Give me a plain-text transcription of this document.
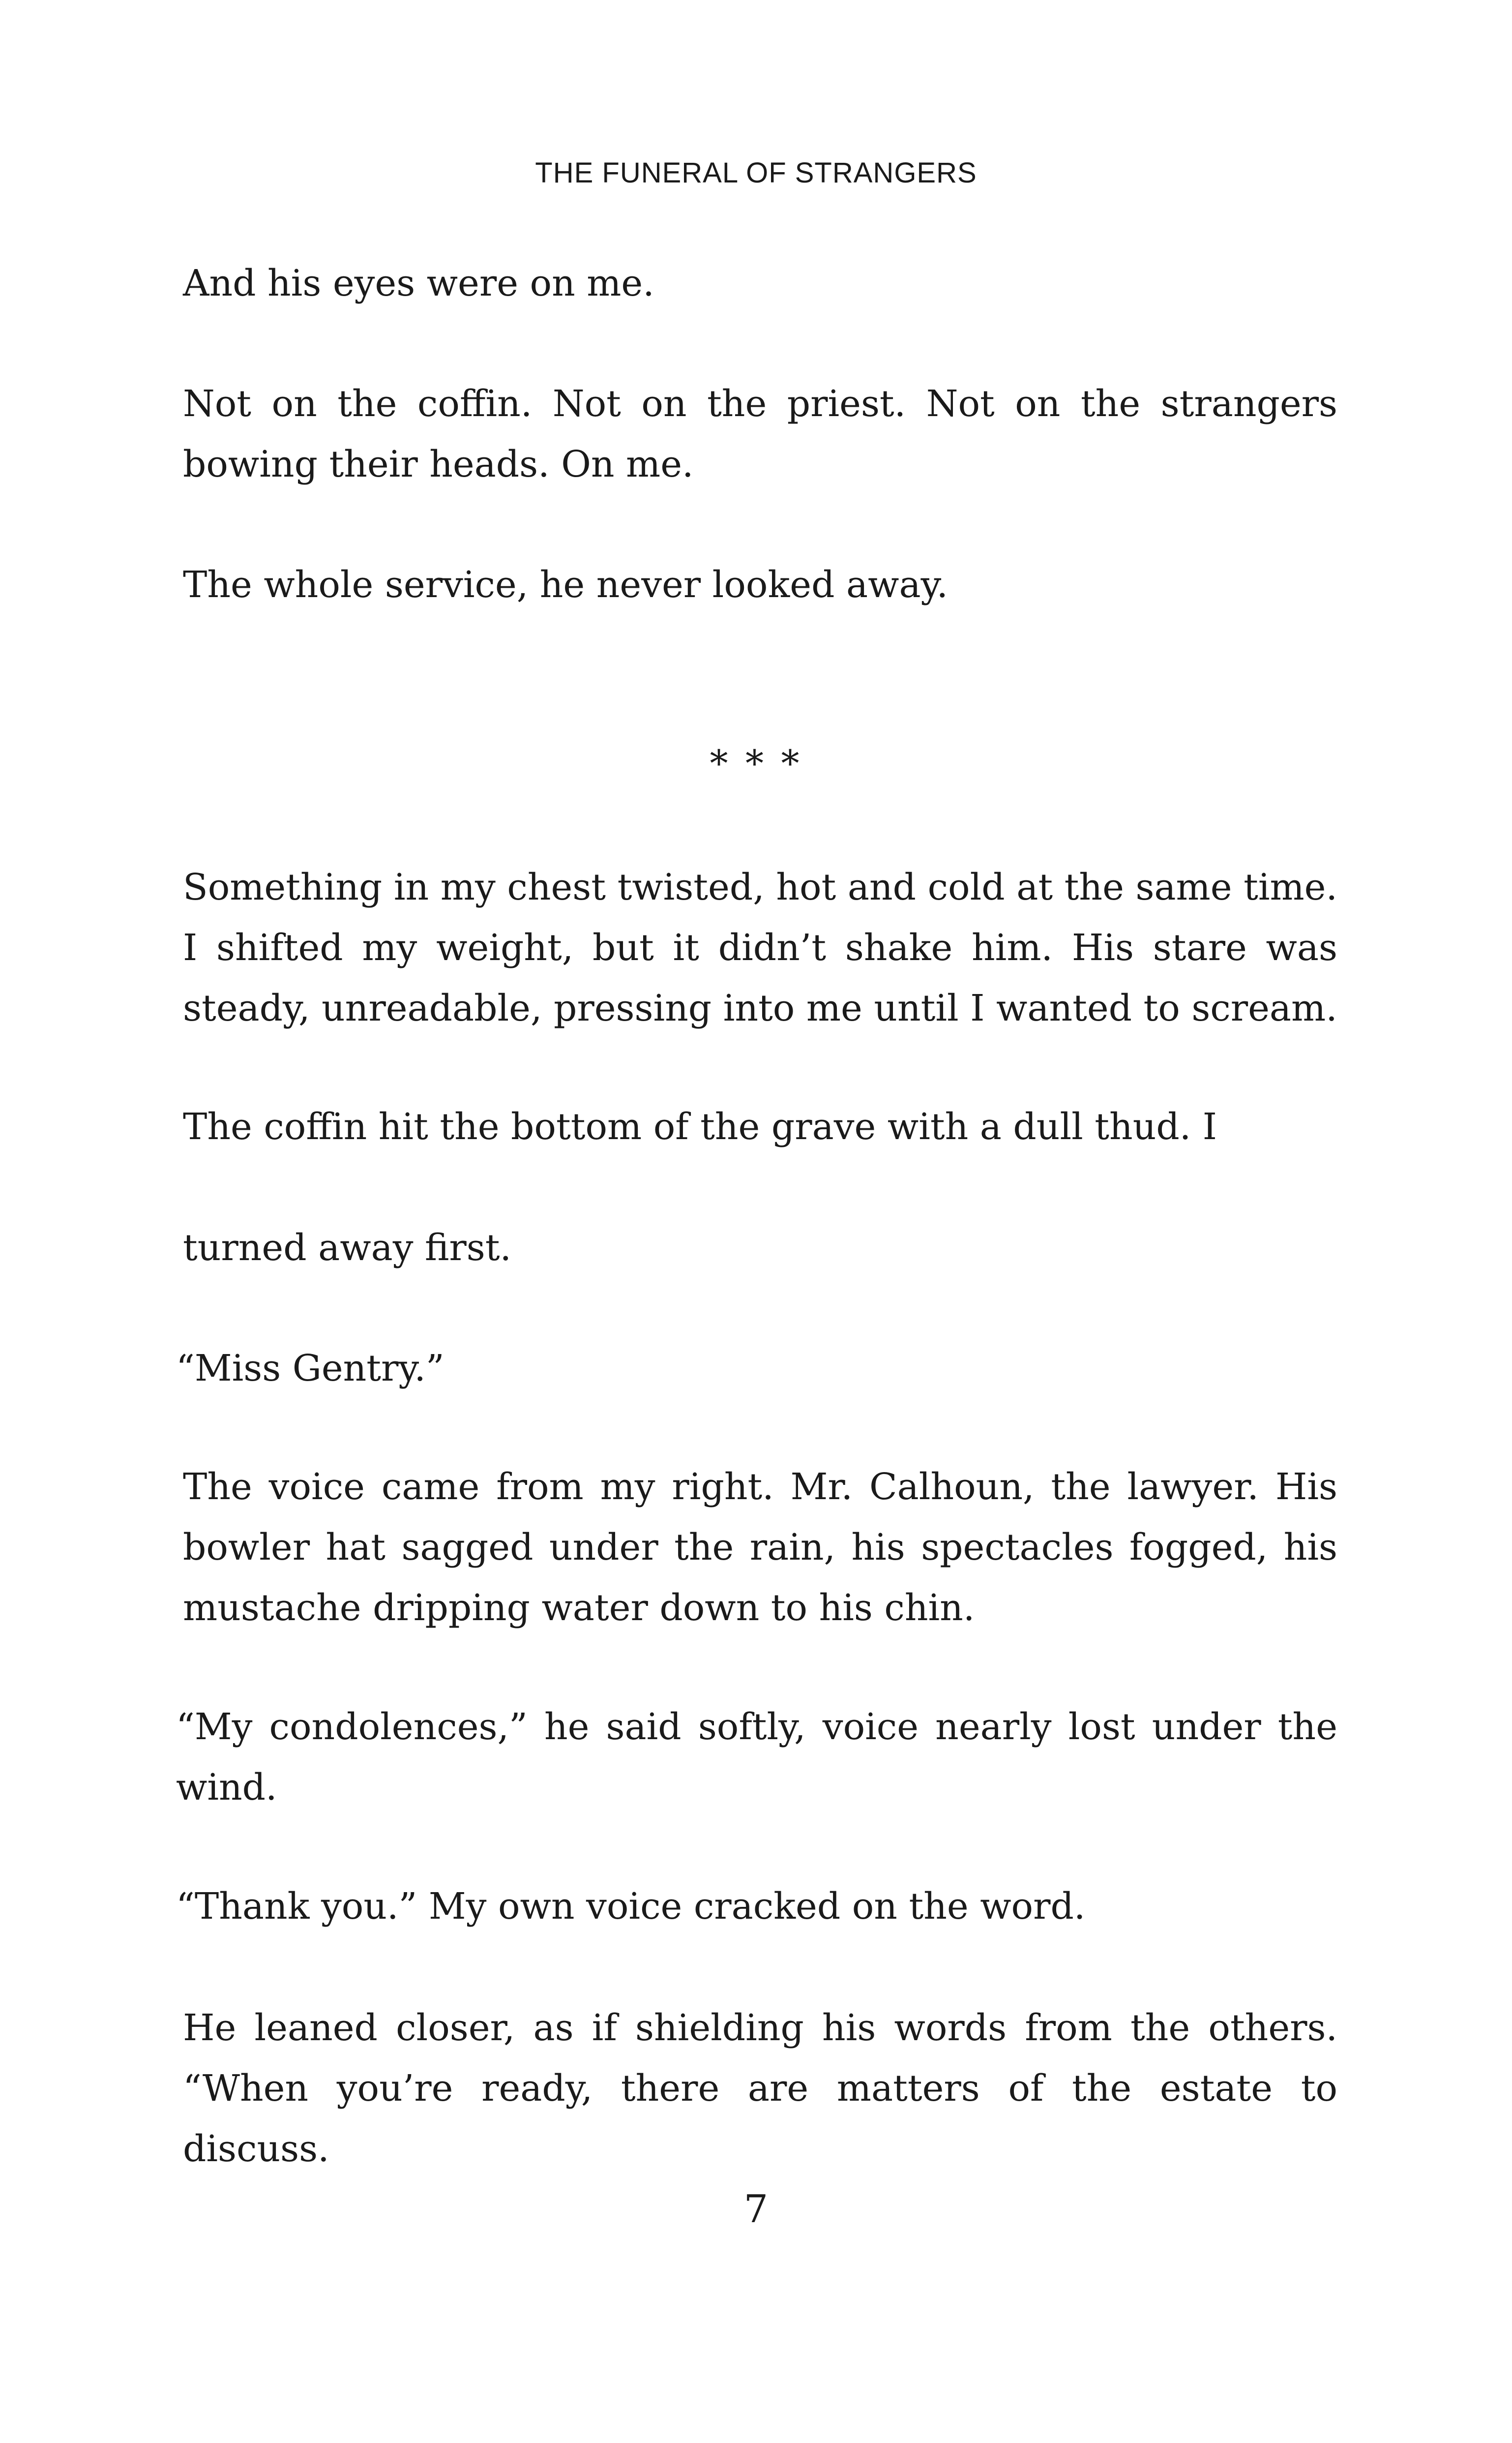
THE FUNERAL OF STRANGERS

And his eyes were on me.

Not on the coffin. Not on the priest. Not on the strangers bowing their heads. On me.

The whole service, he never looked away.

* * *

Something in my chest twisted, hot and cold at the same time. I shifted my weight, but it didn’t shake him. His stare was steady, unreadable, pressing into me until I wanted to scream.

The coffin hit the bottom of the grave with a dull thud. I

turned away first.

“Miss Gentry.”

The voice came from my right. Mr. Calhoun, the lawyer. His bowler hat sagged under the rain, his spectacles fogged, his mustache dripping water down to his chin.

“My condolences,” he said softly, voice nearly lost under the wind.

“Thank you.” My own voice cracked on the word.

He leaned closer, as if shielding his words from the others. “When you’re ready, there are matters of the estate to discuss.

7
